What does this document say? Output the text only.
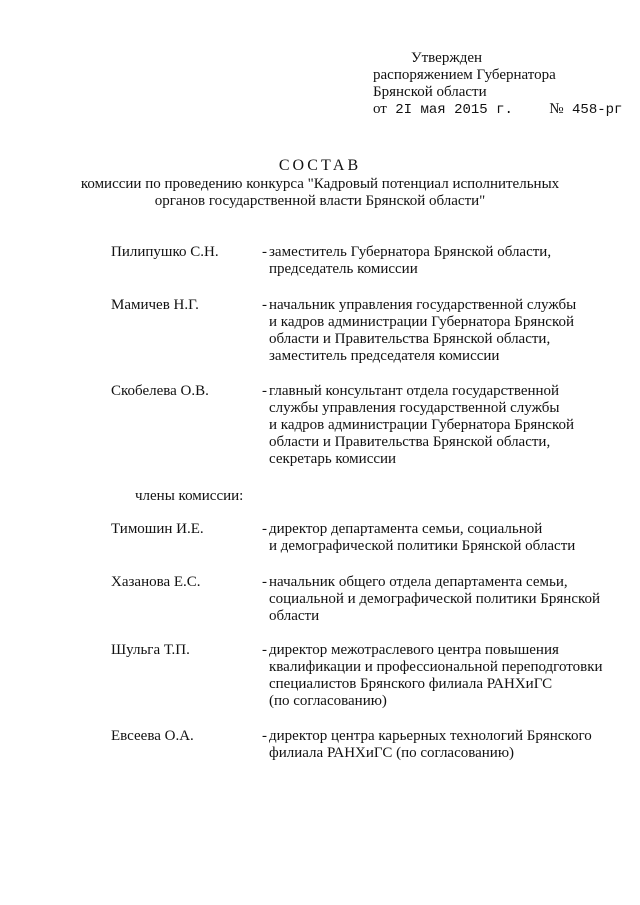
Утвержден
распоряжением Губернатора
Брянской области
от 2I мая 2015 г. № 458-рг
СОСТАВ
комиссии по проведению конкурса "Кадровый потенциал исполнительных
органов государственной власти Брянской области"
Пилипушко С.Н.	- заместитель Губернатора Брянской области,
председатель комиссии
Мамичев Н.Г.	- начальник управления государственной службы
и кадров администрации Губернатора Брянской
области и Правительства Брянской области,
заместитель председателя комиссии
Скобелева О.В.	- главный консультант отдела государственной
службы управления государственной службы
и кадров администрации Губернатора Брянской
области и Правительства Брянской области,
секретарь комиссии
члены комиссии:
Тимошин И.Е.	- директор департамента семьи, социальной
и демографической политики Брянской области
Хазанова Е.С.	- начальник общего отдела департамента семьи,
социальной и демографической политики Брянской
области
Шульга Т.П.	- директор межотраслевого центра повышения
квалификации и профессиональной переподготовки
специалистов Брянского филиала РАНХиГС
(по согласованию)
Евсеева О.А.	- директор центра карьерных технологий Брянского
филиала РАНХиГС (по согласованию)
